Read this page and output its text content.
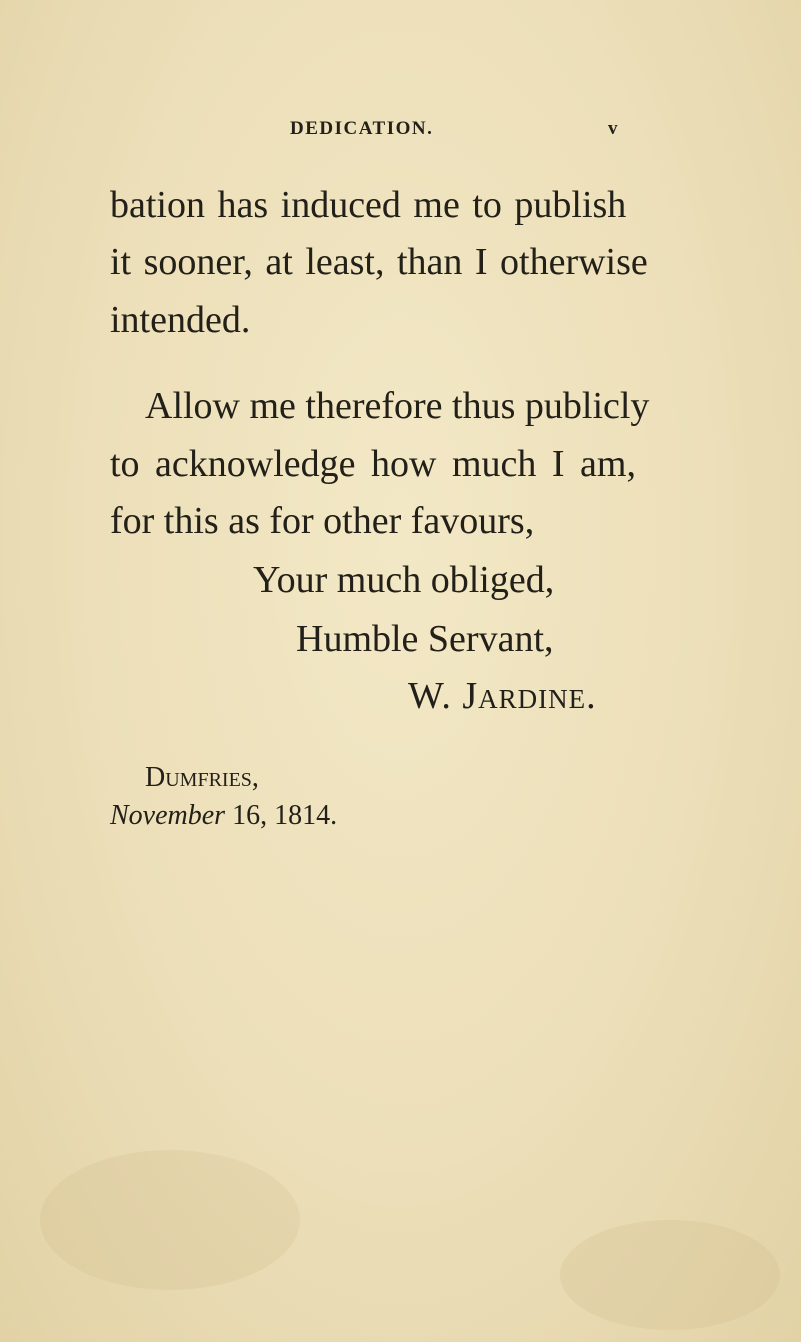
DEDICATION.	v
bation has induced me to publish
it sooner, at least, than I otherwise
intended.
Allow me therefore thus publicly
to acknowledge how much I am,
for this as for other favours,
Your much obliged,
Humble Servant,
W. Jardine.
Dumfries,
November 16, 1814.
